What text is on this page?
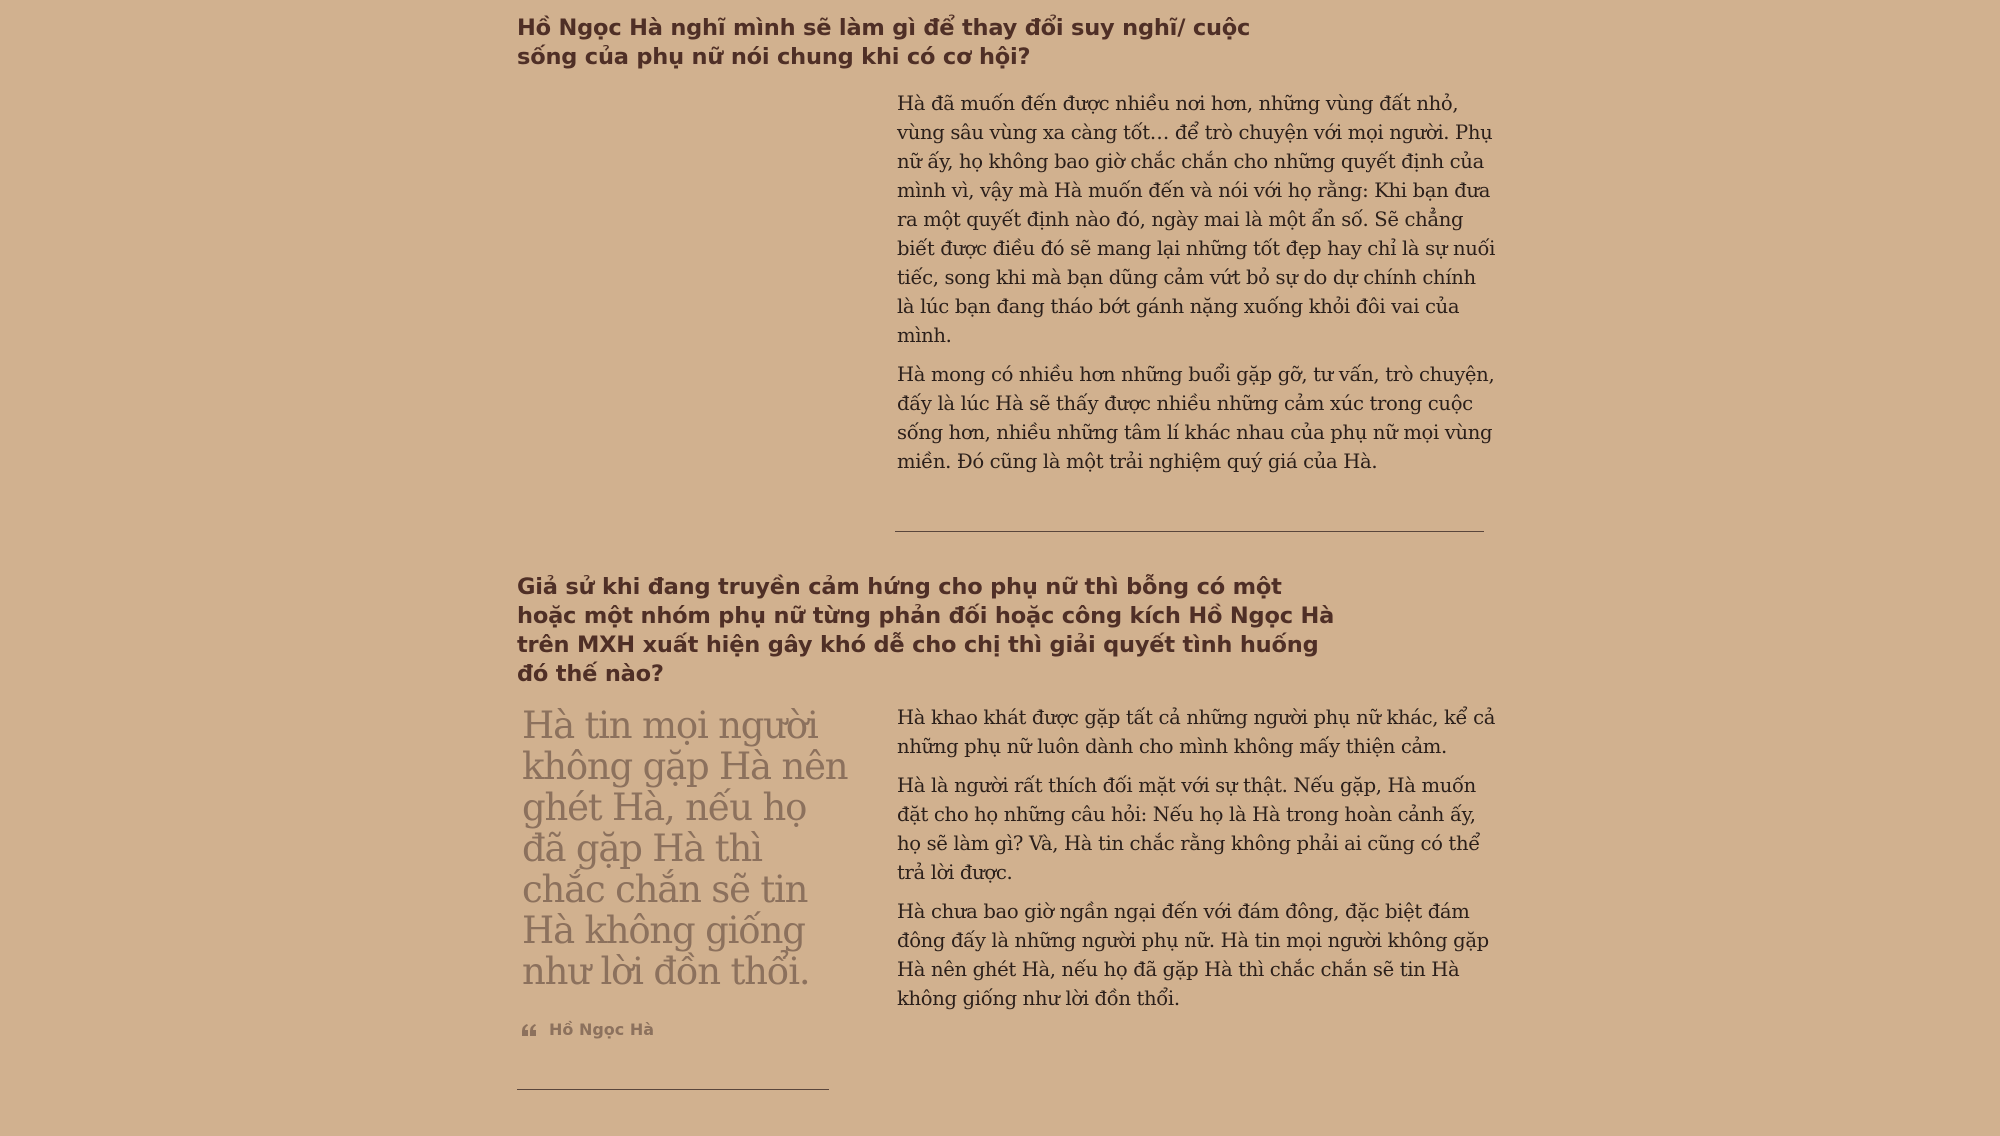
Hồ Ngọc Hà nghĩ mình sẽ làm gì để thay đổi suy nghĩ/ cuộc sống của phụ nữ nói chung khi có cơ hội?

Hà đã muốn đến được nhiều nơi hơn, những vùng đất nhỏ, vùng sâu vùng xa càng tốt… để trò chuyện với mọi người. Phụ nữ ấy, họ không bao giờ chắc chắn cho những quyết định của mình vì, vậy mà Hà muốn đến và nói với họ rằng: Khi bạn đưa ra một quyết định nào đó, ngày mai là một ẩn số. Sẽ chẳng biết được điều đó sẽ mang lại những tốt đẹp hay chỉ là sự nuối tiếc, song khi mà bạn dũng cảm vứt bỏ sự do dự chính chính là lúc bạn đang tháo bớt gánh nặng xuống khỏi đôi vai của mình.

Hà mong có nhiều hơn những buổi gặp gỡ, tư vấn, trò chuyện, đấy là lúc Hà sẽ thấy được nhiều những cảm xúc trong cuộc sống hơn, nhiều những tâm lí khác nhau của phụ nữ mọi vùng miền. Đó cũng là một trải nghiệm quý giá của Hà.

Giả sử khi đang truyền cảm hứng cho phụ nữ thì bỗng có một hoặc một nhóm phụ nữ từng phản đối hoặc công kích Hồ Ngọc Hà trên MXH xuất hiện gây khó dễ cho chị thì giải quyết tình huống đó thế nào?
Hà tin mọi người không gặp Hà nên ghét Hà, nếu họ đã gặp Hà thì chắc chắn sẽ tin Hà không giống như lời đồn thổi.
Hồ Ngọc Hà

Hà khao khát được gặp tất cả những người phụ nữ khác, kể cả những phụ nữ luôn dành cho mình không mấy thiện cảm.

Hà là người rất thích đối mặt với sự thật. Nếu gặp, Hà muốn đặt cho họ những câu hỏi: Nếu họ là Hà trong hoàn cảnh ấy, họ sẽ làm gì? Và, Hà tin chắc rằng không phải ai cũng có thể trả lời được.

Hà chưa bao giờ ngần ngại đến với đám đông, đặc biệt đám đông đấy là những người phụ nữ. Hà tin mọi người không gặp Hà nên ghét Hà, nếu họ đã gặp Hà thì chắc chắn sẽ tin Hà không giống như lời đồn thổi.
